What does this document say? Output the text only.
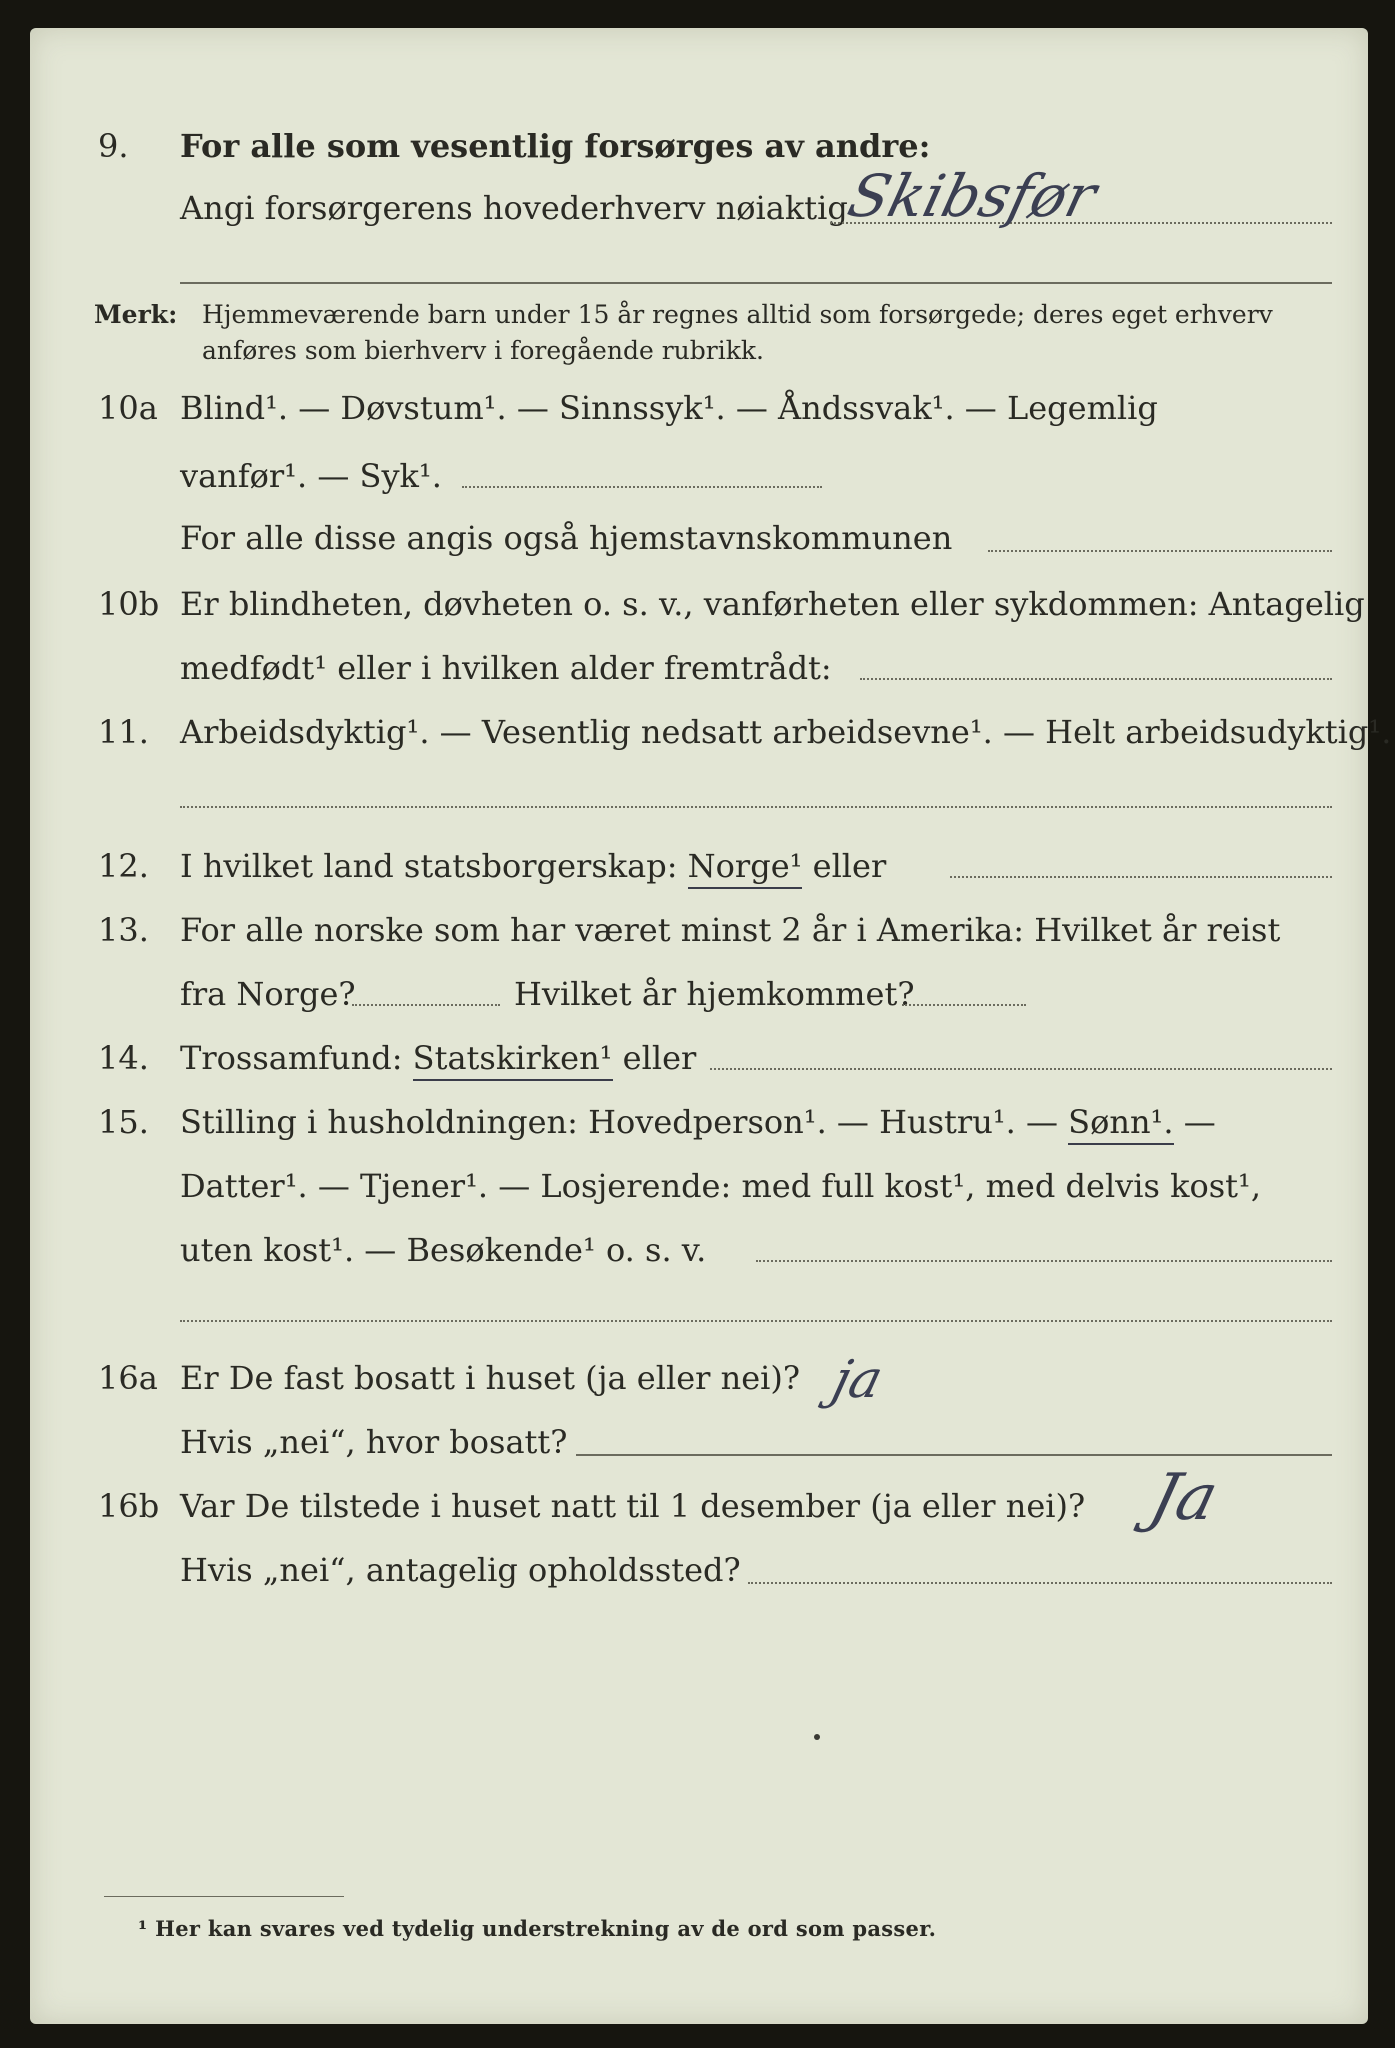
9. For alle som vesentlig forsørges av andre:
Angi forsørgerens hovederhverv nøiaktig
Skibsfør
Merk: Hjemmeværende barn under 15 år regnes alltid som forsørgede; deres eget erhverv
anføres som bierhverv i foregående rubrikk.
10a Blind¹. — Døvstum¹. — Sinnssyk¹. — Åndssvak¹. — Legemlig
vanfør¹. — Syk¹.
For alle disse angis også hjemstavnskommunen
10b Er blindheten, døvheten o. s. v., vanførheten eller sykdommen: Antagelig
medfødt¹ eller i hvilken alder fremtrådt:
11. Arbeidsdyktig¹. — Vesentlig nedsatt arbeidsevne¹. — Helt arbeidsudyktig¹.
12. I hvilket land statsborgerskap: Norge¹ eller
13. For alle norske som har været minst 2 år i Amerika: Hvilket år reist
fra Norge?	Hvilket år hjemkommet?
14. Trossamfund: Statskirken¹ eller
15. Stilling i husholdningen: Hovedperson¹. — Hustru¹. — Sønn¹. —
Datter¹. — Tjener¹. — Losjerende: med full kost¹, med delvis kost¹,
uten kost¹. — Besøkende¹ o. s. v.
16a Er De fast bosatt i huset (ja eller nei)? ja
Hvis „nei“, hvor bosatt?
16b Var De tilstede i huset natt til 1 desember (ja eller nei)? Ja
Hvis „nei“, antagelig opholdssted?
¹ Her kan svares ved tydelig understrekning av de ord som passer.
